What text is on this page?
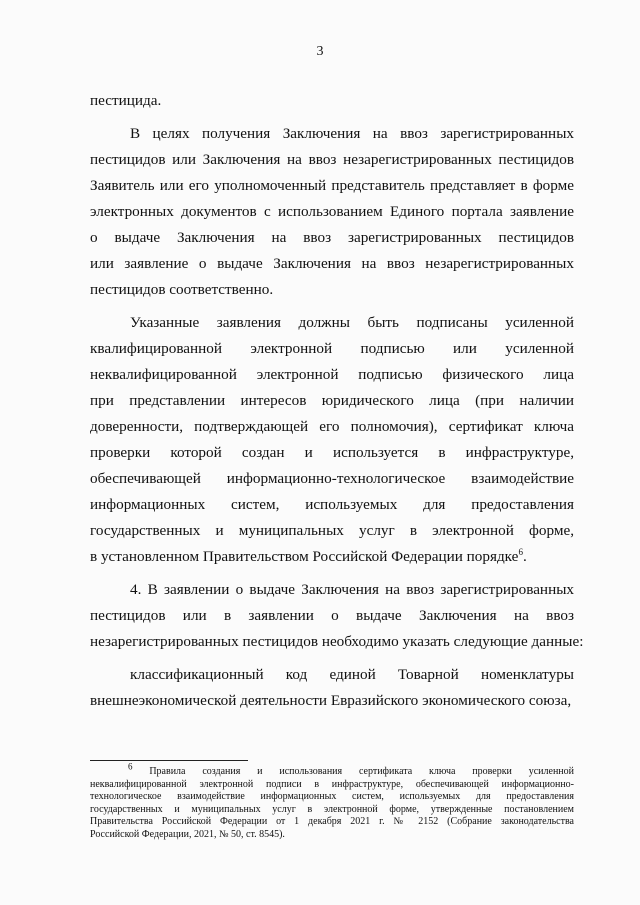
3
пестицида.
В целях получения Заключения на ввоз зарегистрированных
пестицидов или Заключения на ввоз незарегистрированных пестицидов
Заявитель или его уполномоченный представитель представляет в форме
электронных документов с использованием Единого портала заявление
о выдаче Заключения на ввоз зарегистрированных пестицидов
или заявление о выдаче Заключения на ввоз незарегистрированных
пестицидов соответственно.
Указанные заявления должны быть подписаны усиленной
квалифицированной электронной подписью или усиленной
неквалифицированной электронной подписью физического лица
при представлении интересов юридического лица (при наличии
доверенности, подтверждающей его полномочия), сертификат ключа
проверки которой создан и используется в инфраструктуре,
обеспечивающей информационно-технологическое взаимодействие
информационных систем, используемых для предоставления
государственных и муниципальных услуг в электронной форме,
в установленном Правительством Российской Федерации порядке$^6$.
4. В заявлении о выдаче Заключения на ввоз зарегистрированных
пестицидов или в заявлении о выдаче Заключения на ввоз
незарегистрированных пестицидов необходимо указать следующие данные:
классификационный код единой Товарной номенклатуры
внешнеэкономической деятельности Евразийского экономического союза,
$^6$ Правила создания и использования сертификата ключа проверки усиленной
неквалифицированной электронной подписи в инфраструктуре, обеспечивающей информационно-
технологическое взаимодействие информационных систем, используемых для предоставления
государственных и муниципальных услуг в электронной форме, утвержденные постановлением
Правительства Российской Федерации от 1 декабря 2021 г. № 2152 (Собрание законодательства
Российской Федерации, 2021, № 50, ст. 8545).
